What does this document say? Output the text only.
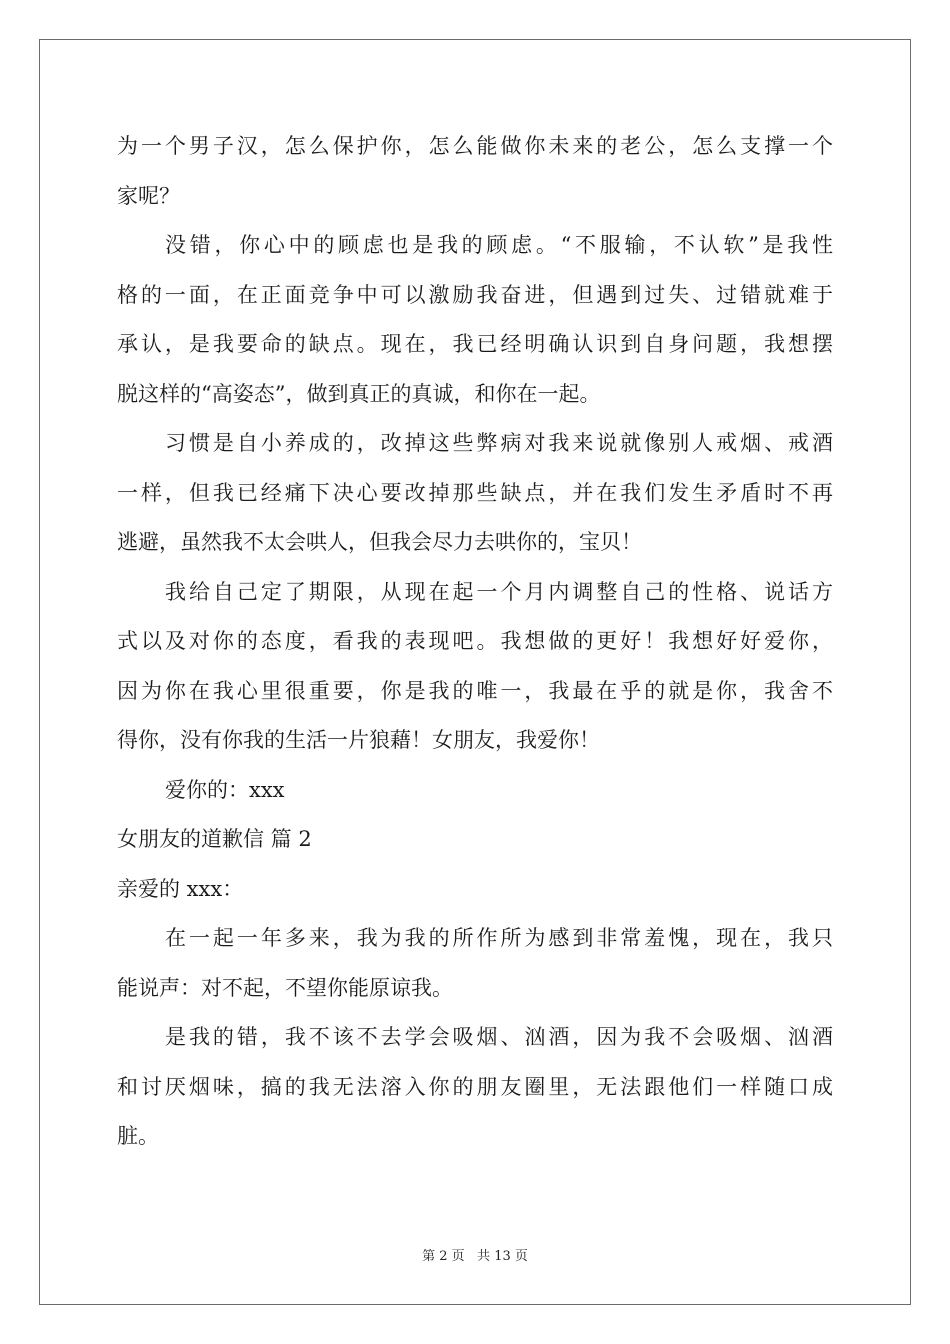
为一个男子汉，怎么保护你，怎么能做你未来的老公，怎么支撑一个
家呢？
没错，你心中的顾虑也是我的顾虑。“不服输，不认软”是我性
格的一面，在正面竞争中可以激励我奋进，但遇到过失、过错就难于
承认，是我要命的缺点。现在，我已经明确认识到自身问题，我想摆
脱这样的“高姿态”，做到真正的真诚，和你在一起。
习惯是自小养成的，改掉这些弊病对我来说就像别人戒烟、戒酒
一样，但我已经痛下决心要改掉那些缺点，并在我们发生矛盾时不再
逃避，虽然我不太会哄人，但我会尽力去哄你的，宝贝！
我给自己定了期限，从现在起一个月内调整自己的性格、说话方
式以及对你的态度，看我的表现吧。我想做的更好！我想好好爱你，
因为你在我心里很重要，你是我的唯一，我最在乎的就是你，我舍不
得你，没有你我的生活一片狼藉！女朋友，我爱你！
爱你的：xxx
女朋友的道歉信 篇 2
亲爱的 xxx：
在一起一年多来，我为我的所作所为感到非常羞愧，现在，我只
能说声：对不起，不望你能原谅我。
是我的错，我不该不去学会吸烟、汹酒，因为我不会吸烟、汹酒
和讨厌烟味，搞的我无法溶入你的朋友圈里，无法跟他们一样随口成
脏。
第 2 页   共 13 页
